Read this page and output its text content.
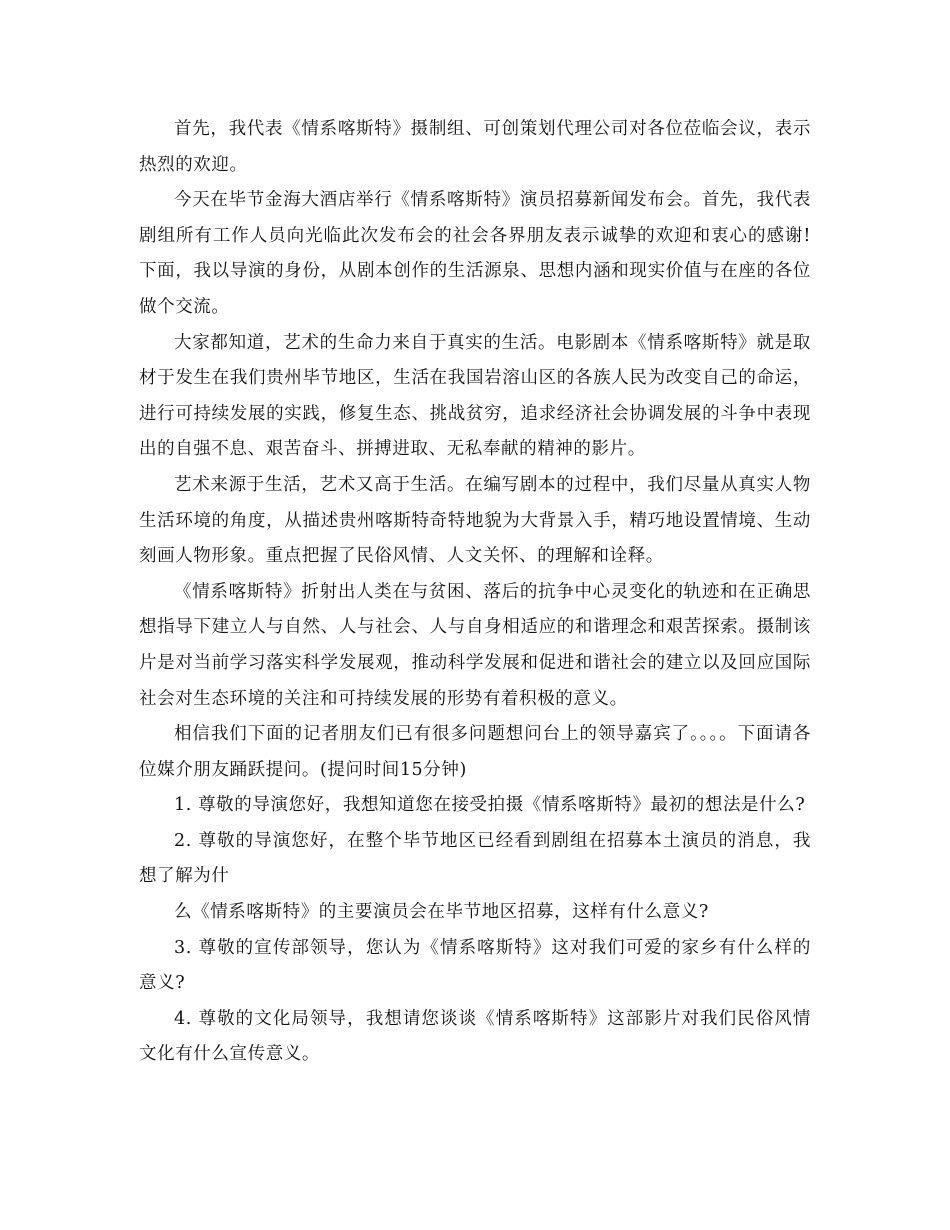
首先，我代表《情系喀斯特》摄制组、可创策划代理公司对各位莅临会议，表示热烈的欢迎。

今天在毕节金海大酒店举行《情系喀斯特》演员招募新闻发布会。首先，我代表剧组所有工作人员向光临此次发布会的社会各界朋友表示诚挚的欢迎和衷心的感谢!下面，我以导演的身份，从剧本创作的生活源泉、思想内涵和现实价值与在座的各位做个交流。

大家都知道，艺术的生命力来自于真实的生活。电影剧本《情系喀斯特》就是取材于发生在我们贵州毕节地区，生活在我国岩溶山区的各族人民为改变自己的命运，进行可持续发展的实践，修复生态、挑战贫穷，追求经济社会协调发展的斗争中表现出的自强不息、艰苦奋斗、拼搏进取、无私奉献的精神的影片。

艺术来源于生活，艺术又高于生活。在编写剧本的过程中，我们尽量从真实人物生活环境的角度，从描述贵州喀斯特奇特地貌为大背景入手，精巧地设置情境、生动刻画人物形象。重点把握了民俗风情、人文关怀、的理解和诠释。

《情系喀斯特》折射出人类在与贫困、落后的抗争中心灵变化的轨迹和在正确思想指导下建立人与自然、人与社会、人与自身相适应的和谐理念和艰苦探索。摄制该片是对当前学习落实科学发展观，推动科学发展和促进和谐社会的建立以及回应国际社会对生态环境的关注和可持续发展的形势有着积极的意义。

相信我们下面的记者朋友们已有很多问题想问台上的领导嘉宾了。。。。下面请各位媒介朋友踊跃提问。(提问时间15分钟)

1. 尊敬的导演您好，我想知道您在接受拍摄《情系喀斯特》最初的想法是什么?

2. 尊敬的导演您好，在整个毕节地区已经看到剧组在招募本土演员的消息，我想了解为什

么《情系喀斯特》的主要演员会在毕节地区招募，这样有什么意义?

3. 尊敬的宣传部领导，您认为《情系喀斯特》这对我们可爱的家乡有什么样的意义?

4. 尊敬的文化局领导，我想请您谈谈《情系喀斯特》这部影片对我们民俗风情文化有什么宣传意义。
